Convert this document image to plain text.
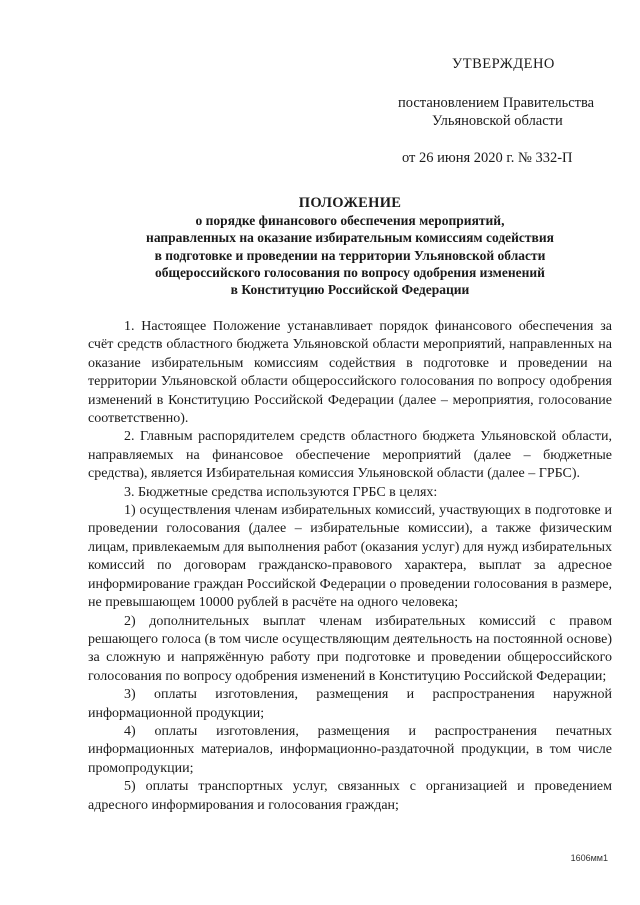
УТВЕРЖДЕНО
постановлением Правительства
Ульяновской области
от 26 июня 2020 г. № 332-П
ПОЛОЖЕНИЕ
о порядке финансового обеспечения мероприятий,
направленных на оказание избирательным комиссиям содействия
в подготовке и проведении на территории Ульяновской области
общероссийского голосования по вопросу одобрения изменений
в Конституцию Российской Федерации

1. Настоящее Положение устанавливает порядок финансового обеспечения за счёт средств областного бюджета Ульяновской области мероприятий, направленных на оказание избирательным комиссиям содействия в подготовке и проведении на территории Ульяновской области общероссийского голосования по вопросу одобрения изменений в Конституцию Российской Федерации (далее – мероприятия, голосование соответственно).

2. Главным распорядителем средств областного бюджета Ульяновской области, направляемых на финансовое обеспечение мероприятий (далее – бюджетные средства), является Избирательная комиссия Ульяновской области (далее – ГРБС).

3. Бюджетные средства используются ГРБС в целях:

1) осуществления членам избирательных комиссий, участвующих в подготовке и проведении голосования (далее – избирательные комиссии), а также физическим лицам, привлекаемым для выполнения работ (оказания услуг) для нужд избирательных комиссий по договорам гражданско-правового характера, выплат за адресное информирование граждан Российской Федерации о проведении голосования в размере, не превышающем 10000 рублей в расчёте на одного человека;

2) дополнительных выплат членам избирательных комиссий с правом решающего голоса (в том числе осуществляющим деятельность на постоянной основе) за сложную и напряжённую работу при подготовке и проведении общероссийского голосования по вопросу одобрения изменений в Конституцию Российской Федерации;

3) оплаты изготовления, размещения и распространения наружной информационной продукции;

4) оплаты изготовления, размещения и распространения печатных информационных материалов, информационно-раздаточной продукции, в том числе промопродукции;

5) оплаты транспортных услуг, связанных с организацией и проведением адресного информирования и голосования граждан;

1606мм1
